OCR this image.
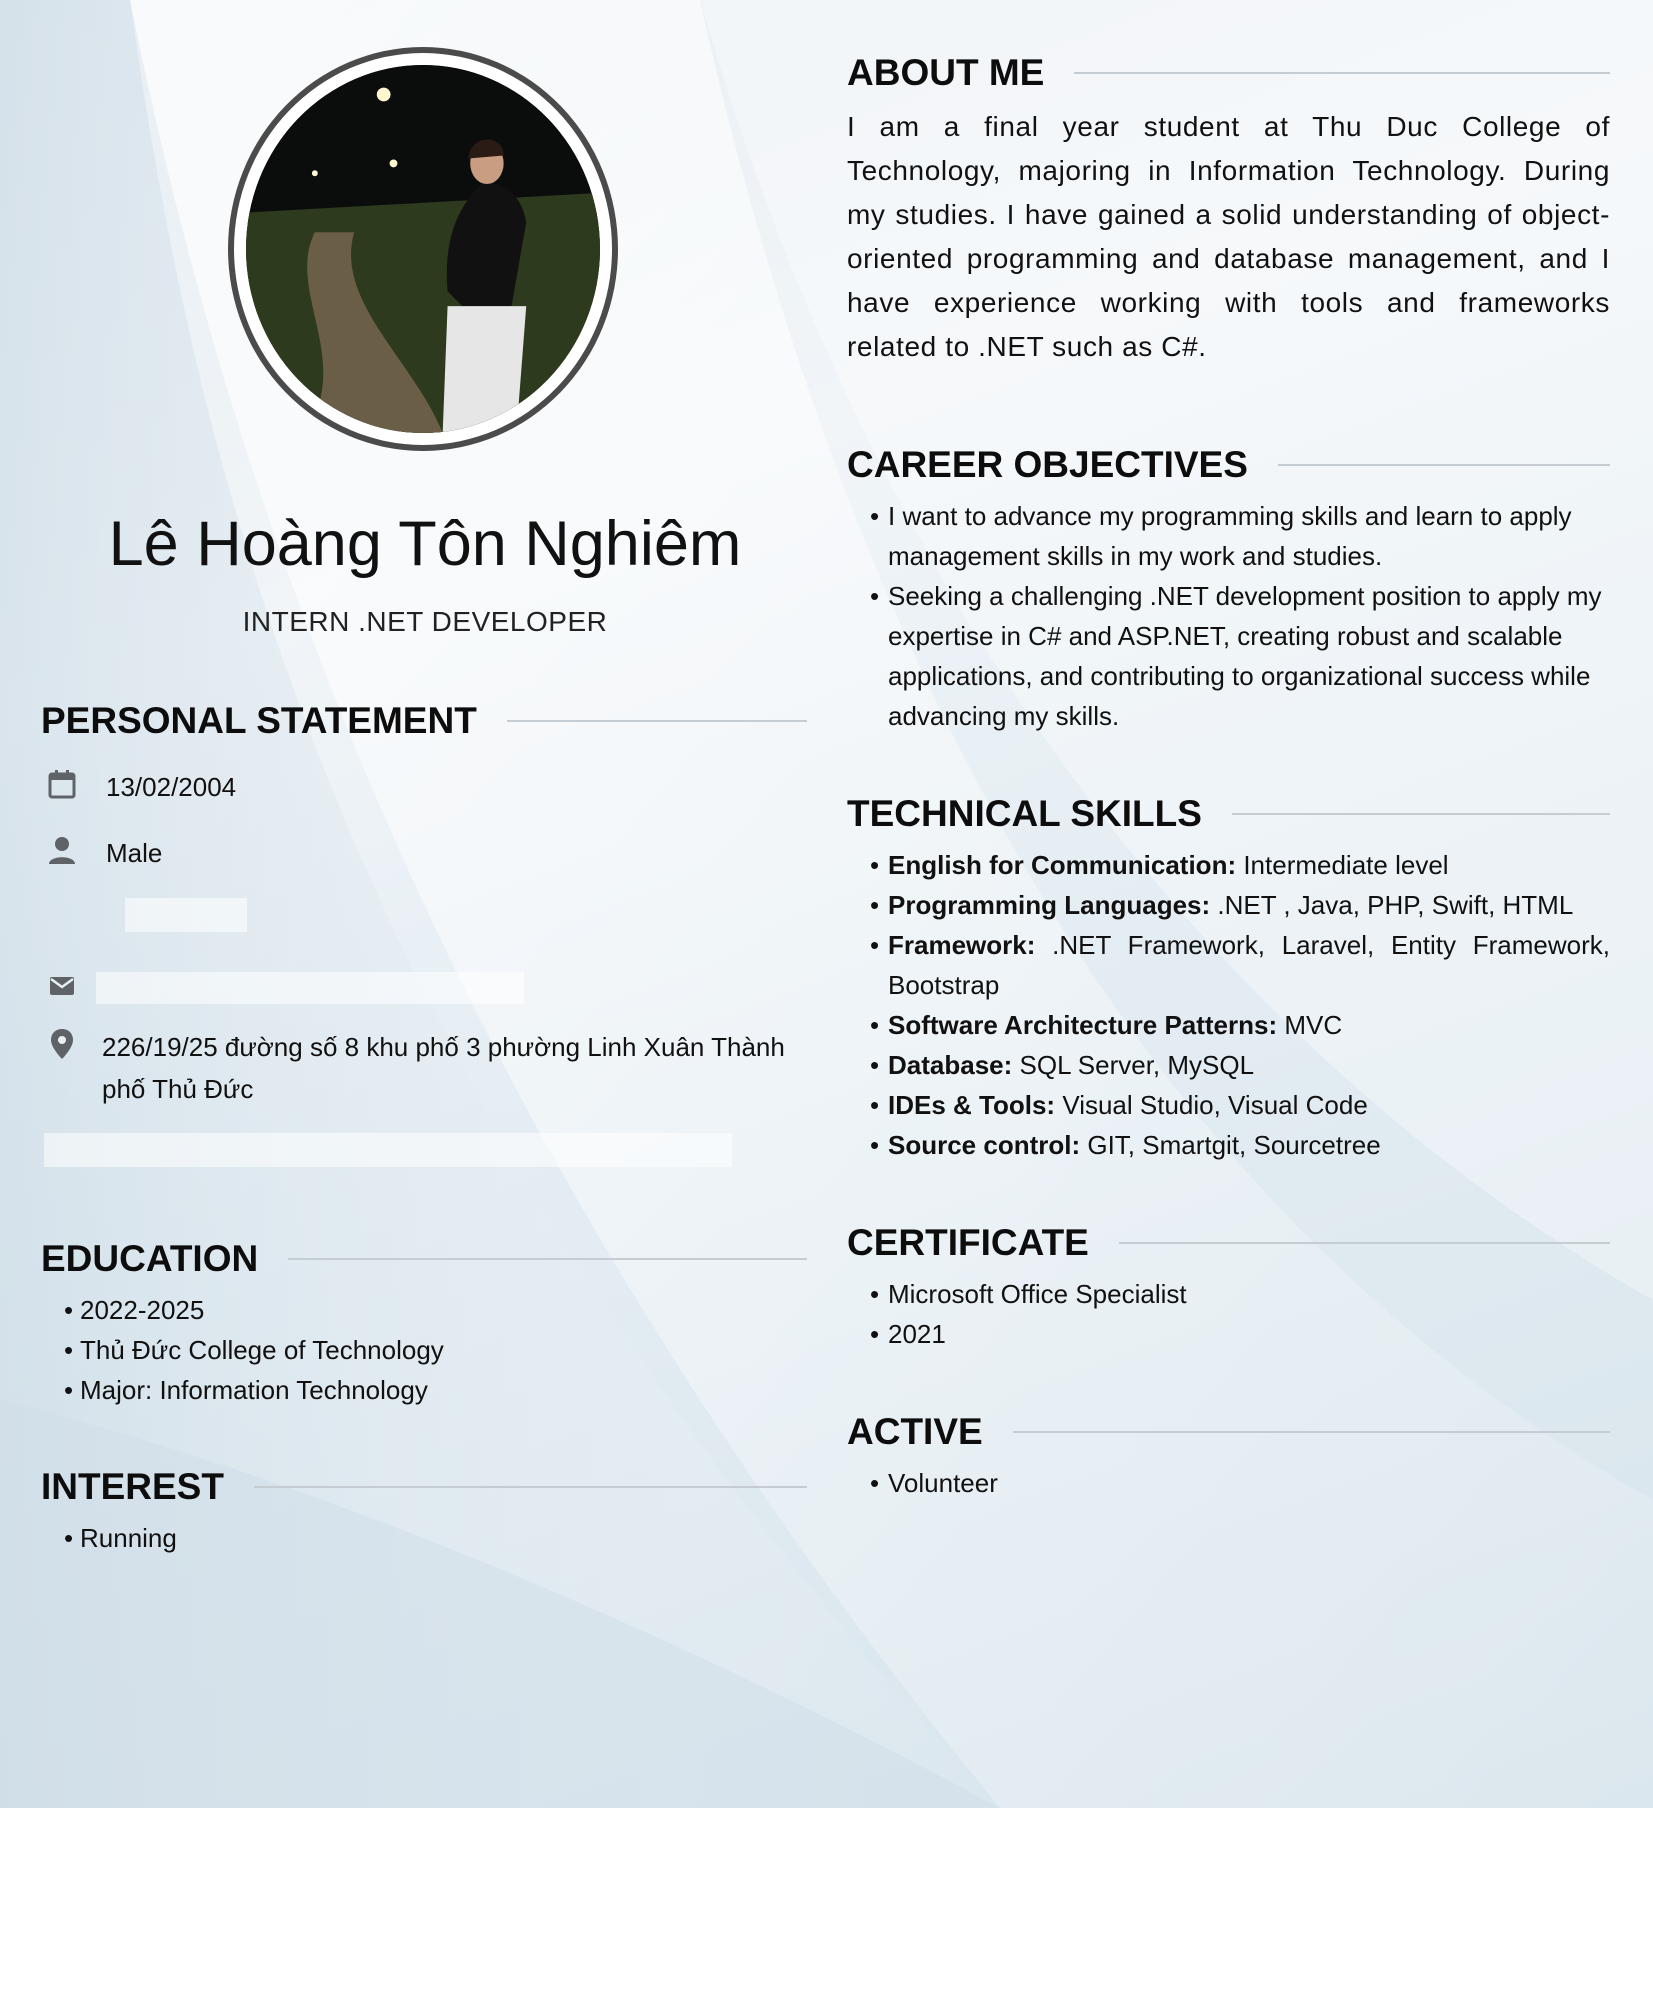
Lê Hoàng Tôn Nghiêm
INTERN .NET DEVELOPER
PERSONAL STATEMENT
13/02/2004
Male
226/19/25 đường số 8 khu phố 3 phường Linh Xuân Thành
phố Thủ Đức
EDUCATION
• 2022-2025
• Thủ Đức College of Technology
• Major: Information Technology
INTEREST
• Running
ABOUT ME
I am a final year student at Thu Duc College of Technology, majoring in Information Technology. During my studies. I have gained a solid understanding of object-oriented programming and database management, and I have experience working with tools and frameworks related to .NET such as C#.
CAREER OBJECTIVES
• I want to advance my programming skills and learn to apply management skills in my work and studies.
• Seeking a challenging .NET development position to apply my expertise in C# and ASP.NET, creating robust and scalable applications, and contributing to organizational success while advancing my skills.
TECHNICAL SKILLS
• English for Communication: Intermediate level
• Programming Languages: .NET , Java, PHP, Swift, HTML
• Framework: .NET Framework, Laravel, Entity Framework, Bootstrap
• Software Architecture Patterns: MVC
• Database: SQL Server, MySQL
• IDEs & Tools: Visual Studio, Visual Code
• Source control: GIT, Smartgit, Sourcetree
CERTIFICATE
• Microsoft Office Specialist
• 2021
ACTIVE
• Volunteer
